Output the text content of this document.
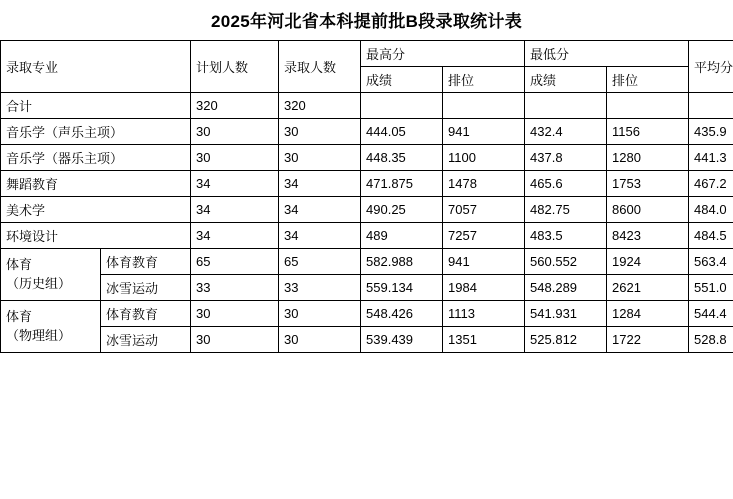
2025年河北省本科提前批B段录取统计表
录取专业		计划人数	录取人数	最高分		最低分		平均分
				成绩	排位	成绩	排位	
合计		320	320					
音乐学（声乐主项）		30	30	444.05	941	432.4	1156	435.9
音乐学（器乐主项）		30	30	448.35	1100	437.8	1280	441.3
舞蹈教育		34	34	471.875	1478	465.6	1753	467.2
美术学		34	34	490.25	7057	482.75	8600	484.0
环境设计		34	34	489	7257	483.5	8423	484.5

体育
（历史组）	体育教育	65	65	582.988	941	560.552	1924	563.4
	冰雪运动	33	33	559.134	1984	548.289	2621	551.0

体育
（物理组）	体育教育	30	30	548.426	1113	541.931	1284	544.4
	冰雪运动	30	30	539.439	1351	525.812	1722	528.8
